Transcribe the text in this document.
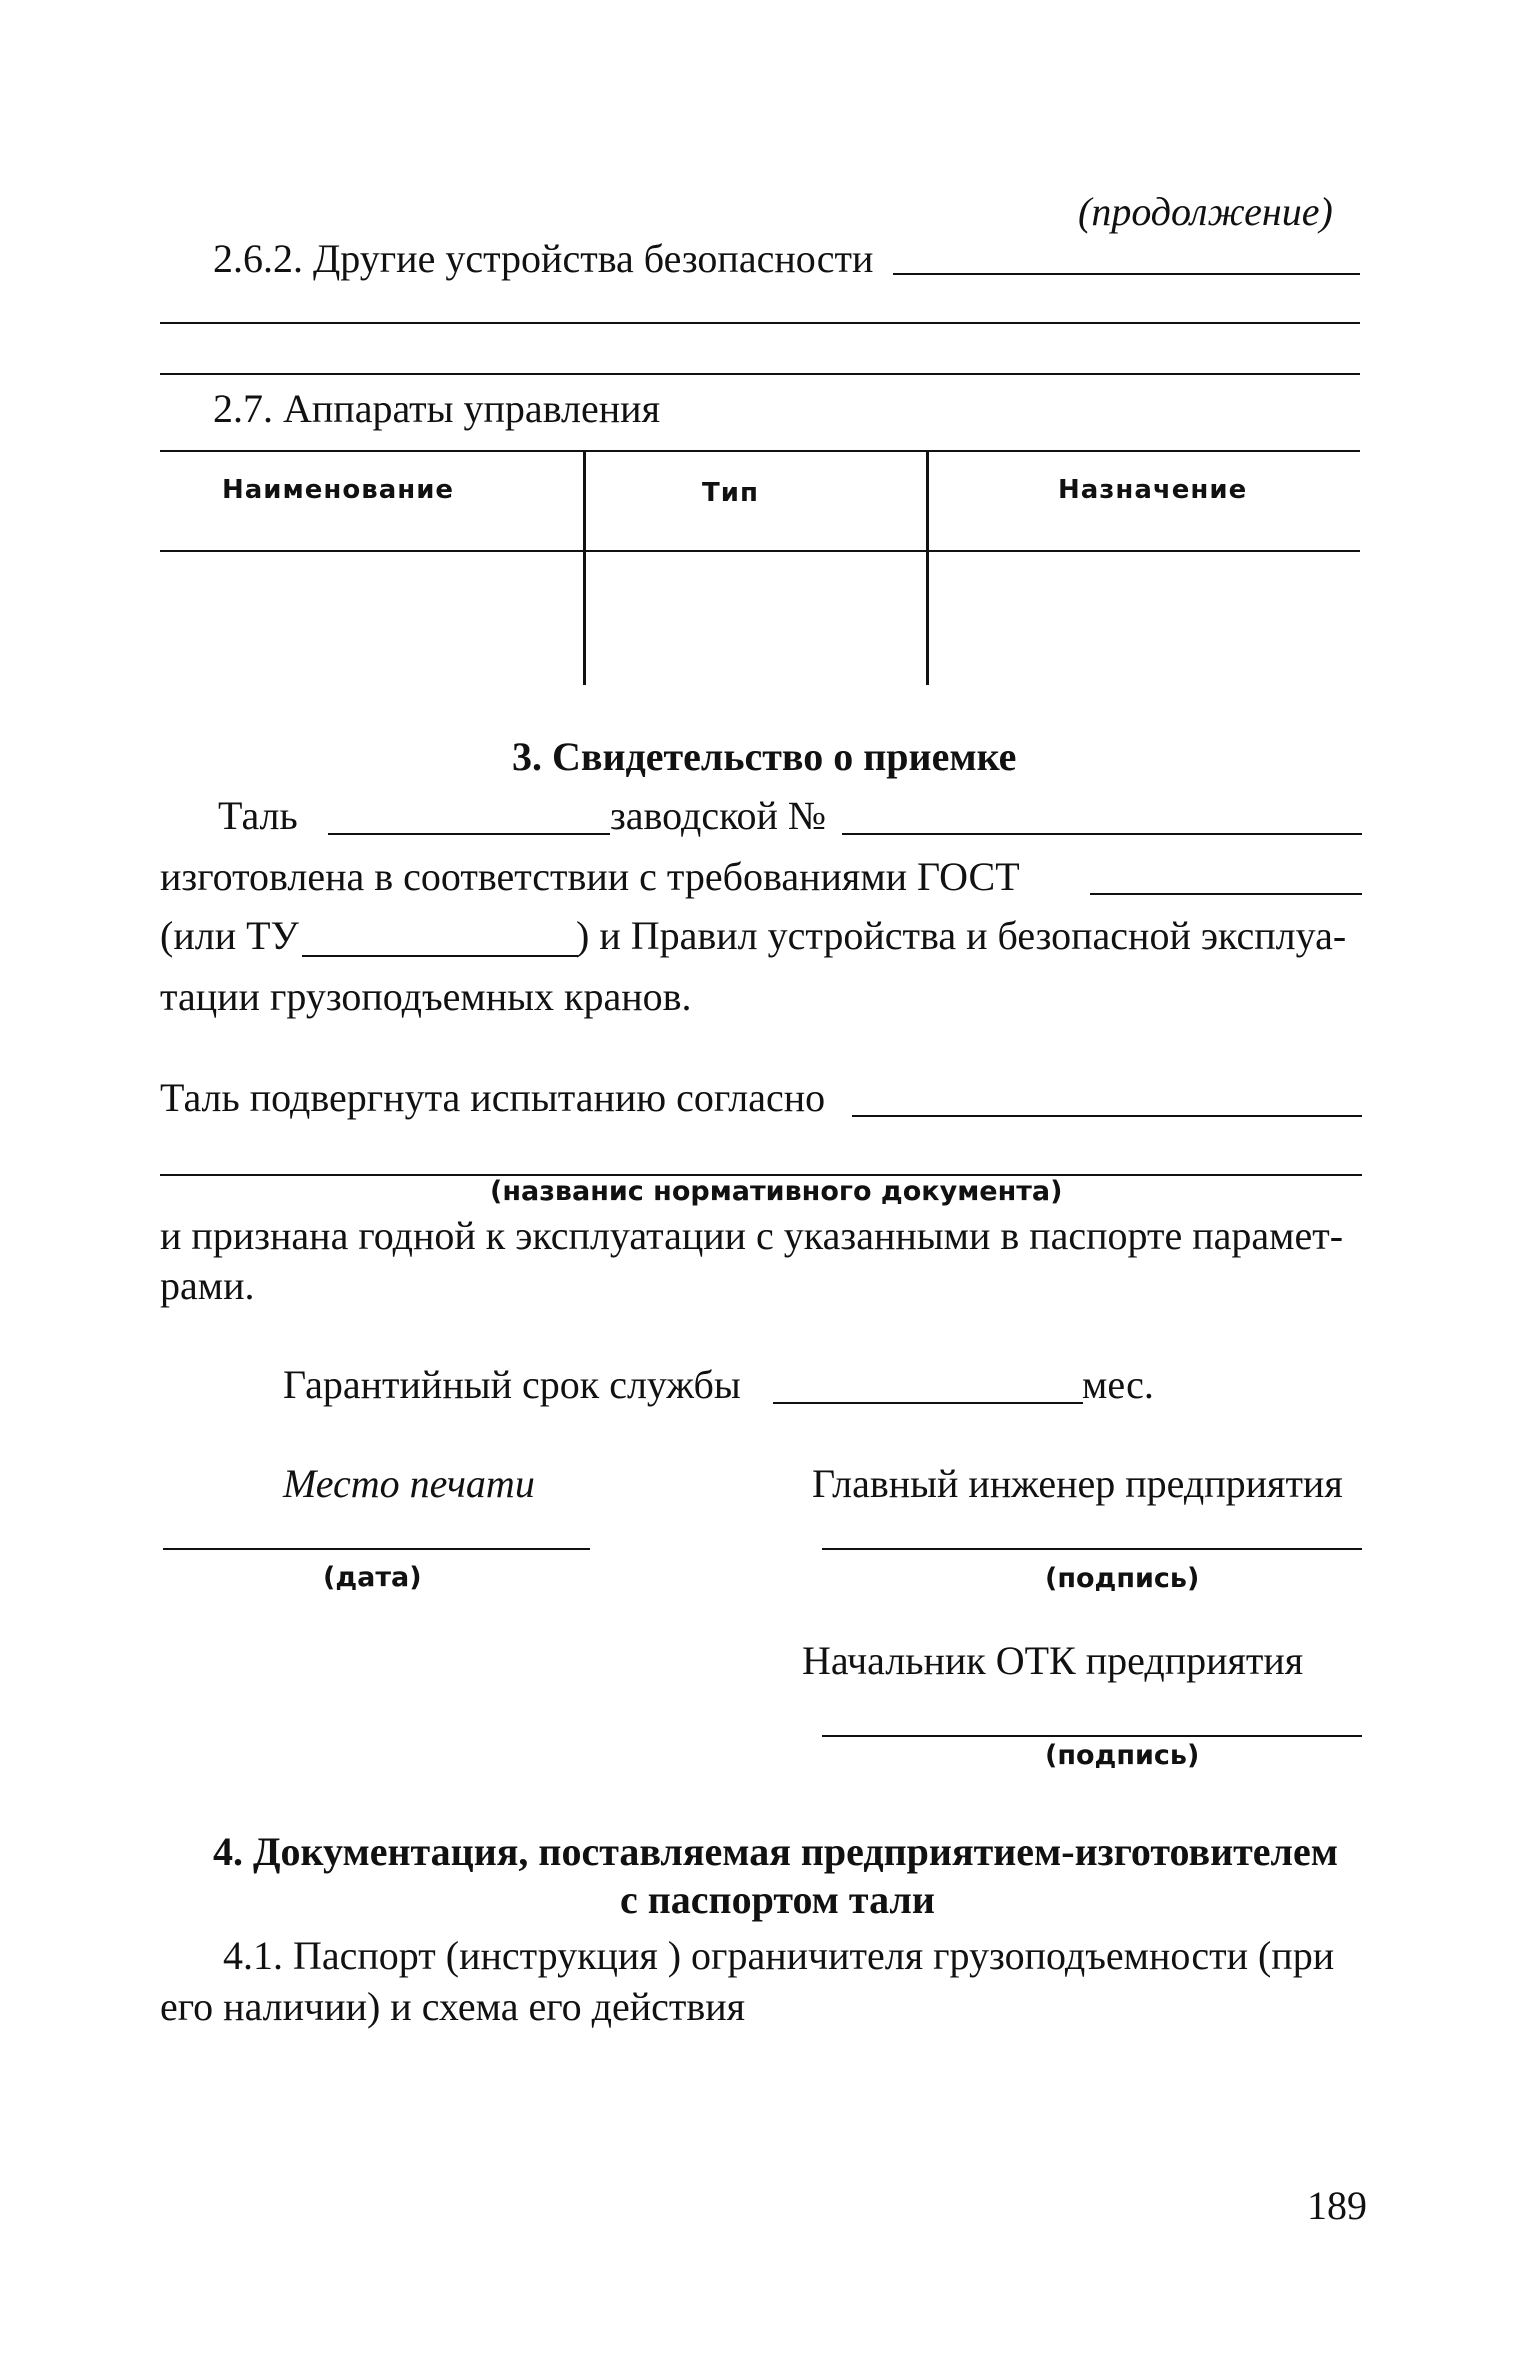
(продолжение)
2.6.2. Другие устройства безопасности
2.7. Аппараты управления
Наименование	Тип	Назначение
3. Свидетельство о приемке
Таль	заводской №
изготовлена в соответствии с требованиями ГОСТ
(или ТУ	) и Правил устройства и безопасной эксплуа-
тации грузоподъемных кранов.
Таль подвергнута испытанию согласно
(названис нормативного документа)
и признана годной к эксплуатации с указанными в паспорте парамет-
рами.
Гарантийный срок службы	мес.
Место печати	Главный инженер предприятия
(дата)	(подпись)
Начальник ОТК предприятия
(подпись)
4. Документация, поставляемая предприятием-изготовителем
с паспортом тали
4.1. Паспорт (инструкция ) ограничителя грузоподъемности (при
его наличии) и схема его действия
189
